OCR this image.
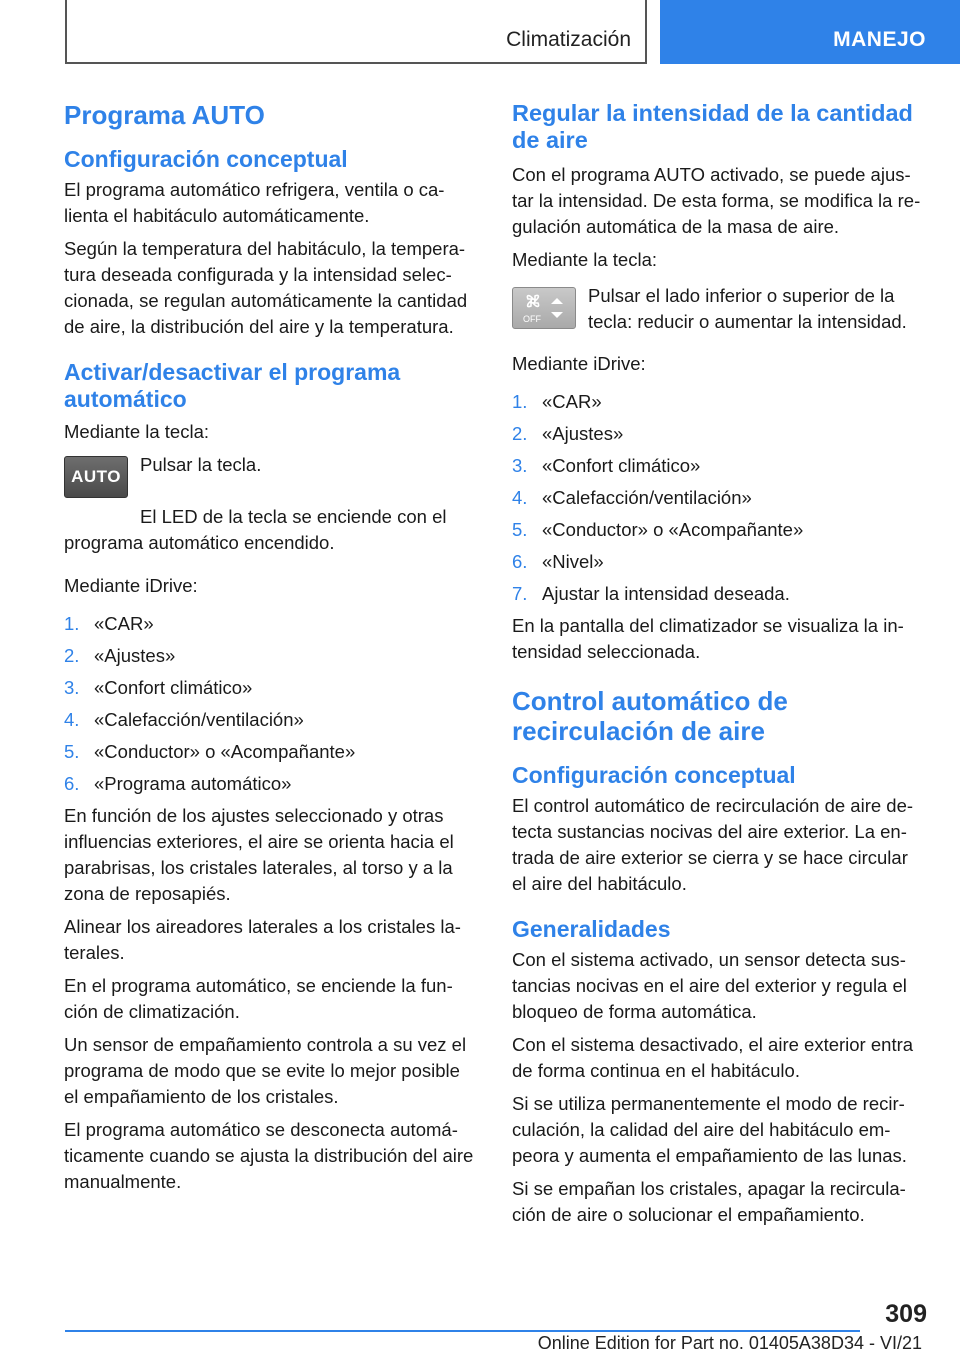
Climatización	MANEJO
Programa AUTO
Configuración conceptual

El programa automático refrigera, ventila o calienta el habitáculo automáticamente.

Según la temperatura del habitáculo, la temperatura deseada configurada y la intensidad seleccionada, se regulan automáticamente la cantidad de aire, la distribución del aire y la temperatura.

Activar/desactivar el programa automático

Mediante la tecla:

AUTO

Pulsar la tecla.

El LED de la tecla se enciende con el programa automático encendido.

Mediante iDrive:

1. «CAR»
2. «Ajustes»
3. «Confort climático»
4. «Calefacción/ventilación»
5. «Conductor» o «Acompañante»
6. «Programa automático»

En función de los ajustes seleccionado y otras influencias exteriores, el aire se orienta hacia el parabrisas, los cristales laterales, al torso y a la zona de reposapiés.

Alinear los aireadores laterales a los cristales laterales.

En el programa automático, se enciende la función de climatización.

Un sensor de empañamiento controla a su vez el programa de modo que se evite lo mejor posible el empañamiento de los cristales.

El programa automático se desconecta automáticamente cuando se ajusta la distribución del aire manualmente.

Regular la intensidad de la cantidad de aire

Con el programa AUTO activado, se puede ajustar la intensidad. De esta forma, se modifica la regulación automática de la masa de aire.

Mediante la tecla:

OFF

Pulsar el lado inferior o superior de la tecla: reducir o aumentar la intensidad.

Mediante iDrive:

1. «CAR»
2. «Ajustes»
3. «Confort climático»
4. «Calefacción/ventilación»
5. «Conductor» o «Acompañante»
6. «Nivel»
7. Ajustar la intensidad deseada.

En la pantalla del climatizador se visualiza la intensidad seleccionada.

Control automático de recirculación de aire
Configuración conceptual

El control automático de recirculación de aire detecta sustancias nocivas del aire exterior. La entrada de aire exterior se cierra y se hace circular el aire del habitáculo.

Generalidades

Con el sistema activado, un sensor detecta sustancias nocivas en el aire del exterior y regula el bloqueo de forma automática.

Con el sistema desactivado, el aire exterior entra de forma continua en el habitáculo.

Si se utiliza permanentemente el modo de recirculación, la calidad del aire del habitáculo empeora y aumenta el empañamiento de las lunas.

Si se empañan los cristales, apagar la recirculación de aire o solucionar el empañamiento.

309
Online Edition for Part no. 01405A38D34 - VI/21
